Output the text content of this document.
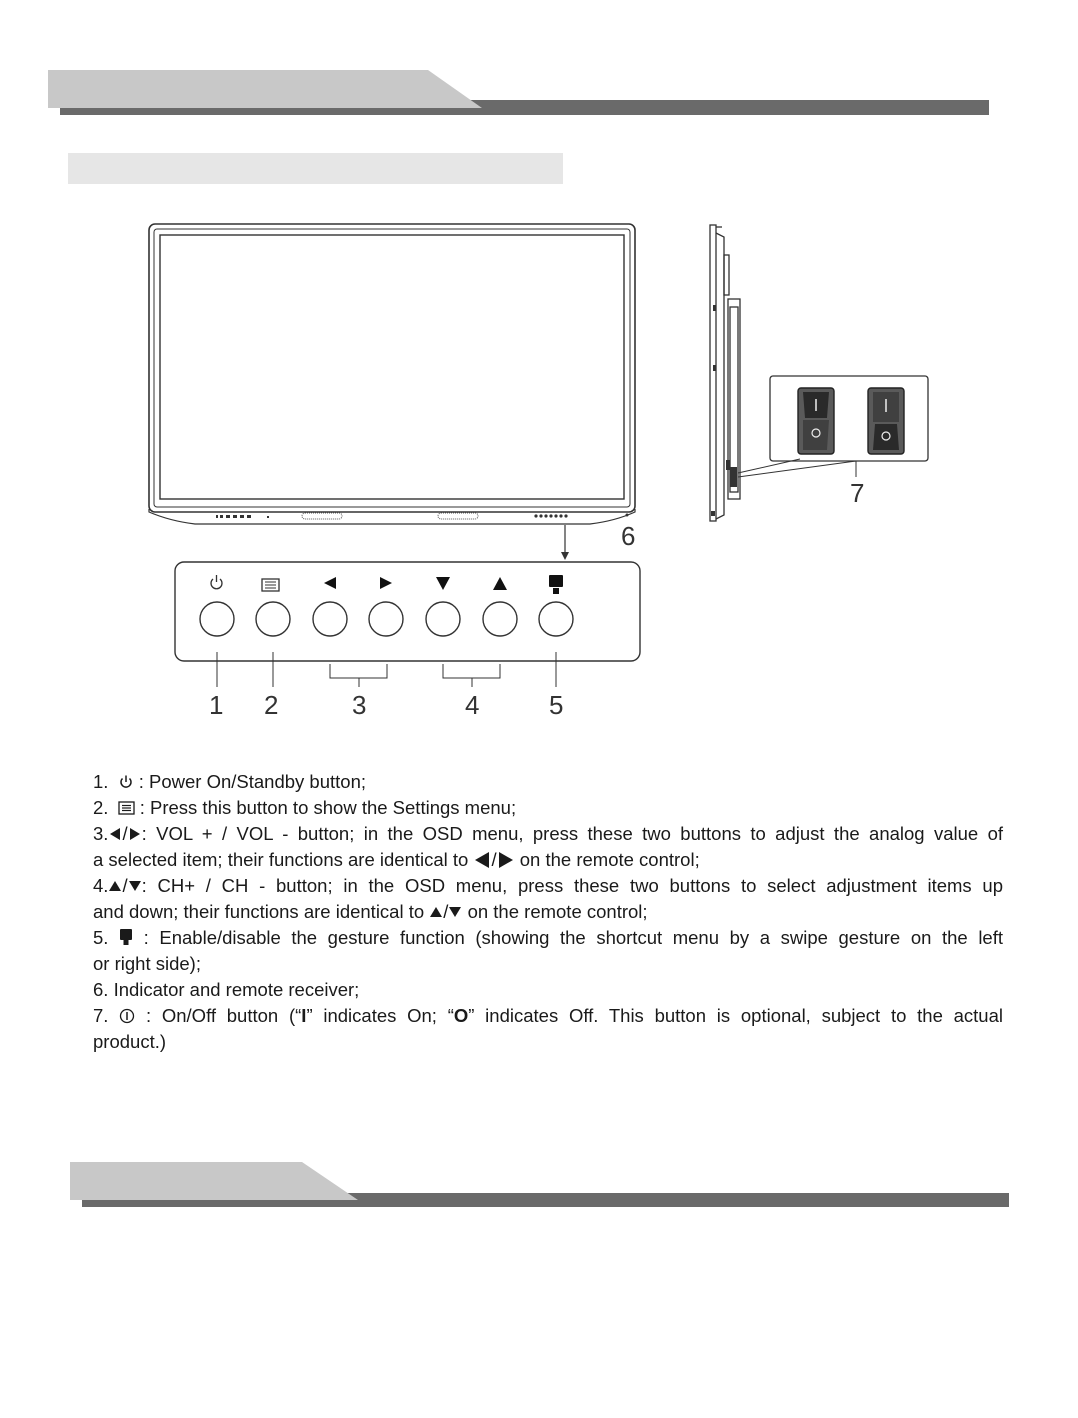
1 2	3	4	5
6
7
1.  : Power On/Standby button;
2.  : Press this button to show the Settings menu;
3. / : VOL + / VOL - button; in the OSD menu, press these two buttons to adjust the analog value of
a selected item; their functions are identical to / on the remote control;
4. / : CH+ / CH - button; in the OSD menu, press these two buttons to select adjustment items up
and down; their functions are identical to / on the remote control;
5.  : Enable/disable the gesture function (showing the shortcut menu by a swipe gesture on the left
or right side);
6. Indicator and remote receiver;
7.  : On/Off button (“I” indicates On; “O” indicates Off. This button is optional, subject to the actual
product.)
